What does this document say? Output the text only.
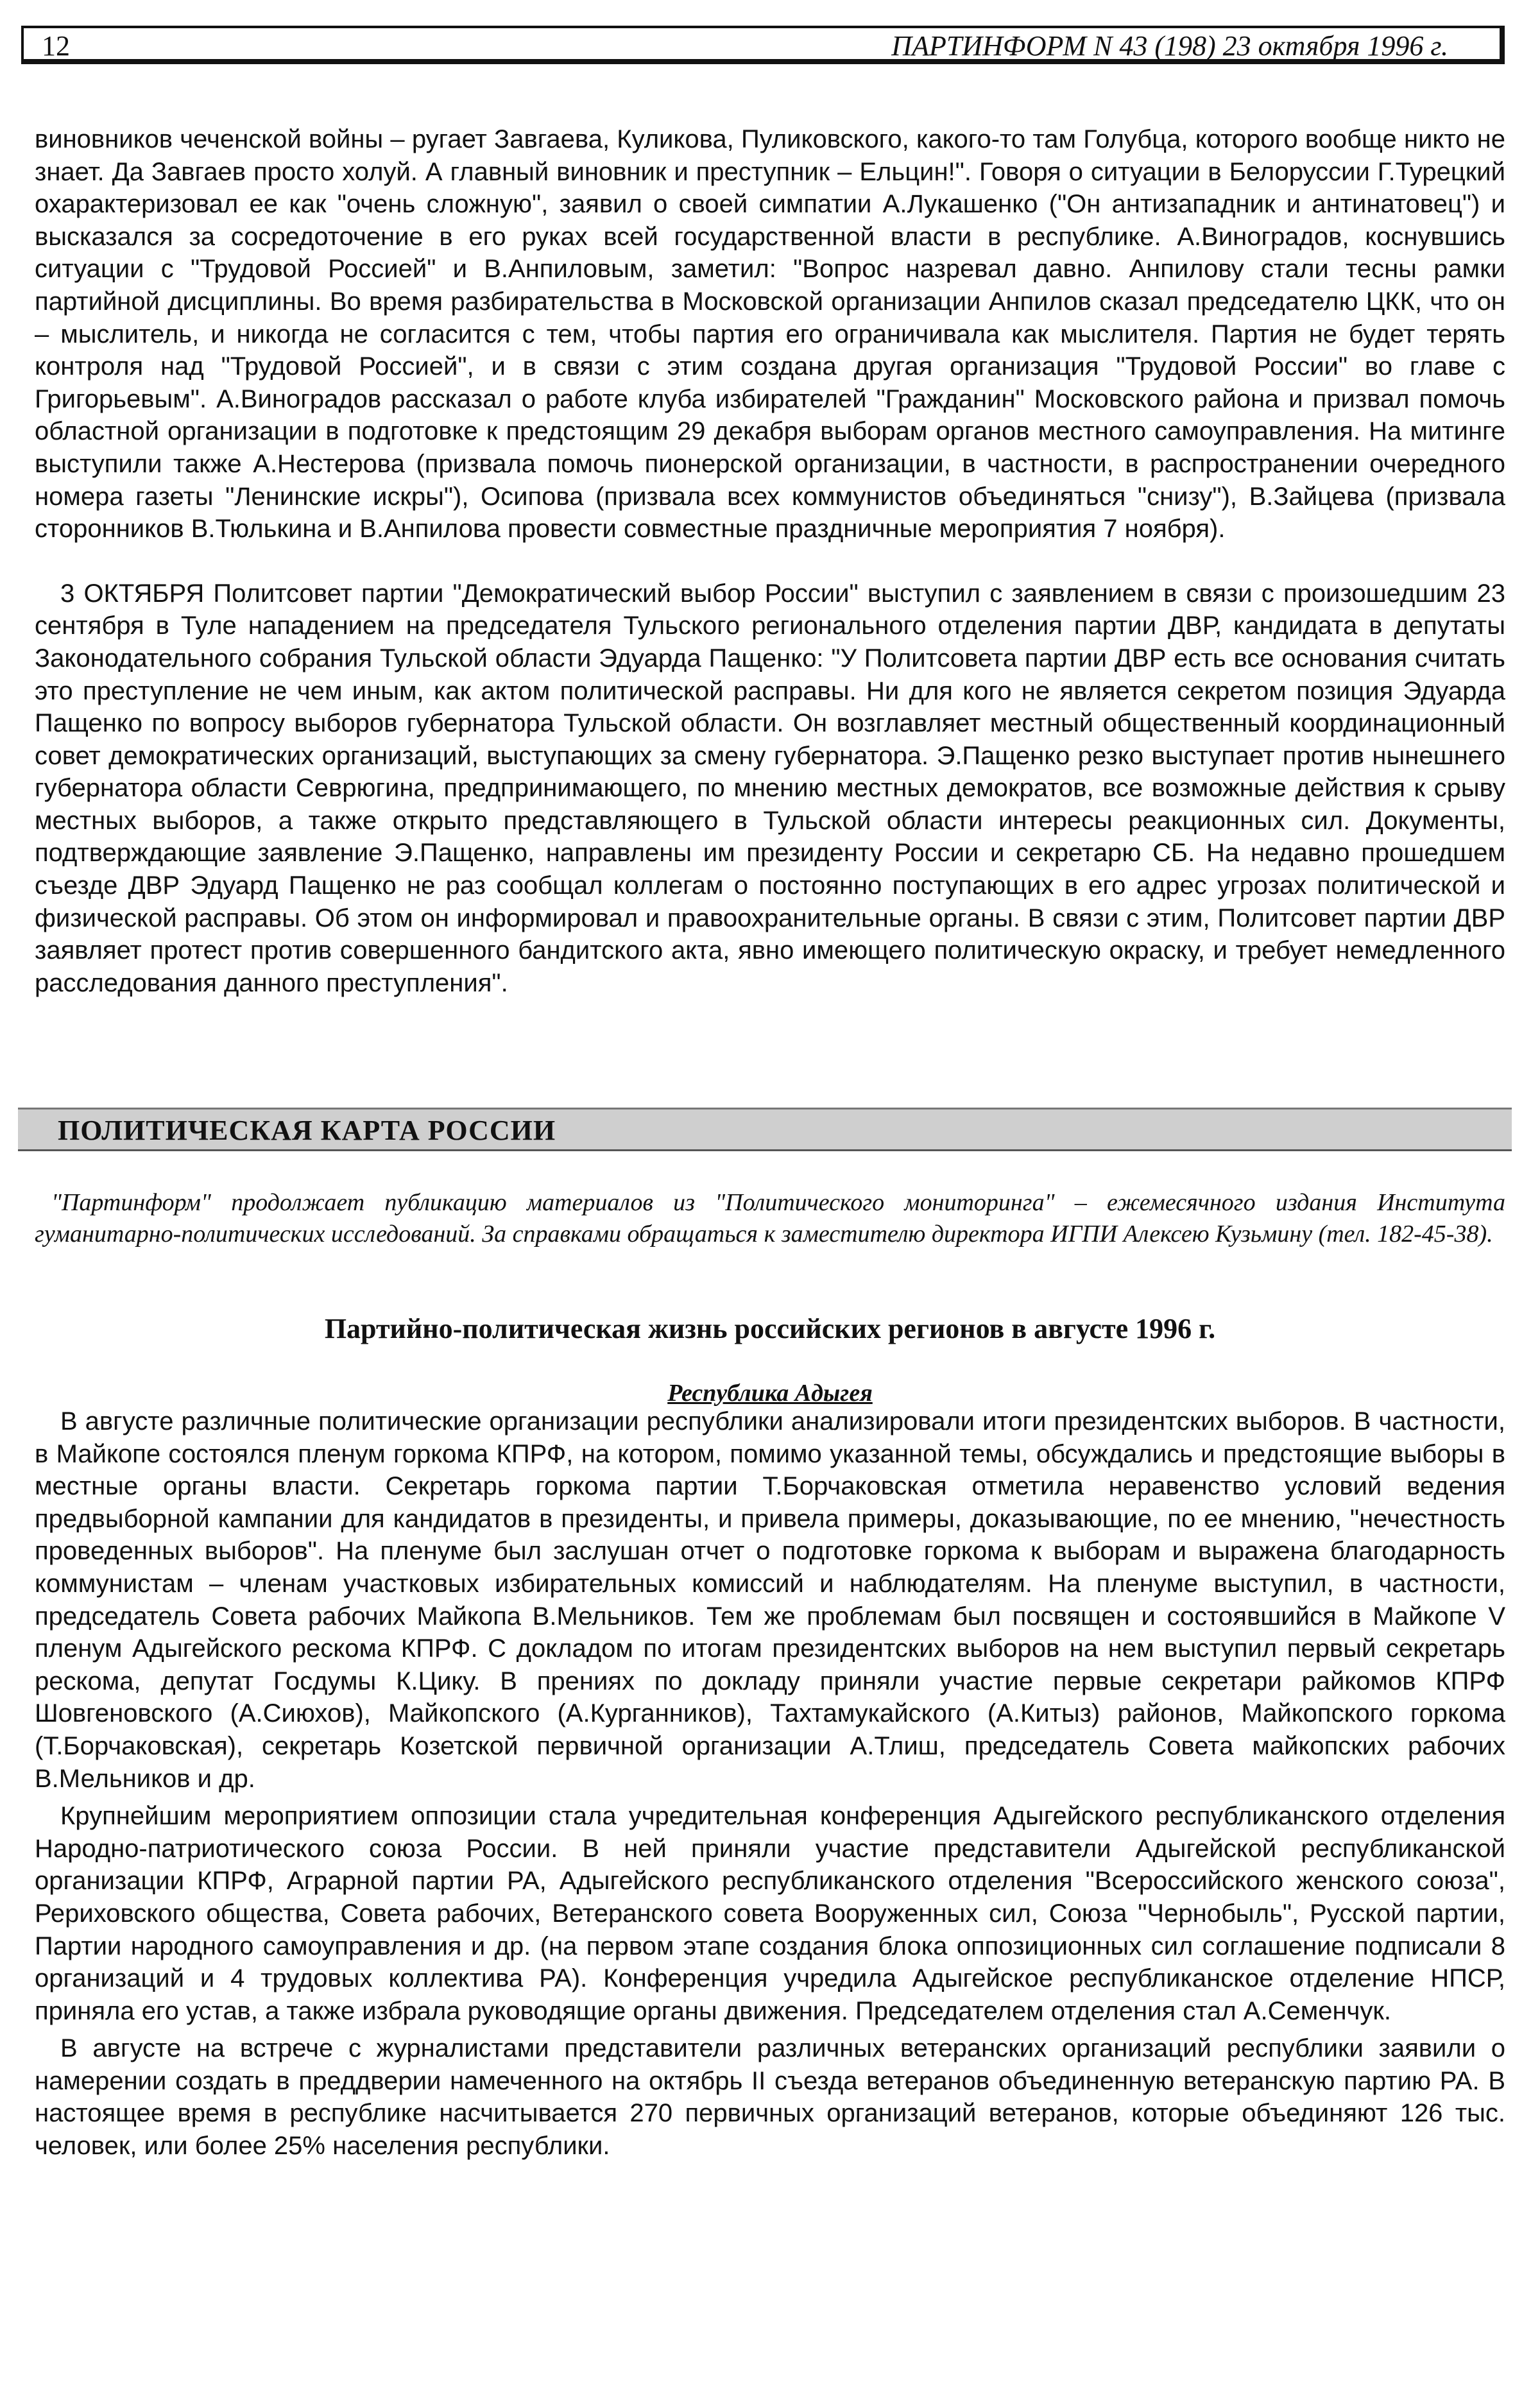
12	ПАРТИНФОРМ N 43 (198) 23 октября 1996 г.

виновников чеченской войны – ругает Завгаева, Куликова, Пуликовского, какого-то там Голубца, которого вообще никто не знает. Да Завгаев просто холуй. А главный виновник и преступник – Ельцин!". Говоря о ситуации в Белоруссии Г.Турецкий охарактеризовал ее как "очень сложную", заявил о своей симпатии А.Лукашенко ("Он антизападник и антинатовец") и высказался за сосредоточение в его руках всей государственной власти в республике. А.Виноградов, коснувшись ситуации с "Трудовой Россией" и В.Анпиловым, заметил: "Вопрос назревал давно. Анпилову стали тесны рамки партийной дисциплины. Во время разбирательства в Московской организации Анпилов сказал председателю ЦКК, что он – мыслитель, и никогда не согласится с тем, чтобы партия его ограничивала как мыслителя. Партия не будет терять контроля над "Трудовой Россией", и в связи с этим создана другая организация "Трудовой России" во главе с Григорьевым". А.Виноградов рассказал о работе клуба избирателей "Гражданин" Московского района и призвал помочь областной организации в подготовке к предстоящим 29 декабря выборам органов местного самоуправления. На митинге выступили также А.Нестерова (призвала помочь пионерской организации, в частности, в распространении очередного номера газеты "Ленинские искры"), Осипова (призвала всех коммунистов объединяться "снизу"), В.Зайцева (призвала сторонников В.Тюлькина и В.Анпилова провести совместные праздничные мероприятия 7 ноября).

3 ОКТЯБРЯ Политсовет партии "Демократический выбор России" выступил с заявлением в связи с произошедшим 23 сентября в Туле нападением на председателя Тульского регионального отделения партии ДВР, кандидата в депутаты Законодательного собрания Тульской области Эдуарда Пащенко: "У Политсовета партии ДВР есть все основания считать это преступление не чем иным, как актом политической расправы. Ни для кого не является секретом позиция Эдуарда Пащенко по вопросу выборов губернатора Тульской области. Он возглавляет местный общественный координационный совет демократических организаций, выступающих за смену губернатора. Э.Пащенко резко выступает против нынешнего губернатора области Севрюгина, предпринимающего, по мнению местных демократов, все возможные действия к срыву местных выборов, а также открыто представляющего в Тульской области интересы реакционных сил. Документы, подтверждающие заявление Э.Пащенко, направлены им президенту России и секретарю СБ. На недавно прошедшем съезде ДВР Эдуард Пащенко не раз сообщал коллегам о постоянно поступающих в его адрес угрозах политической и физической расправы. Об этом он информировал и правоохранительные органы. В связи с этим, Политсовет партии ДВР заявляет протест против совершенного бандитского акта, явно имеющего политическую окраску, и требует немедленного расследования данного преступления".

ПОЛИТИЧЕСКАЯ КАРТА РОССИИ

"Партинформ" продолжает публикацию материалов из "Политического мониторинга" – ежемесячного издания Института гуманитарно-политических исследований. За справками обращаться к заместителю директора ИГПИ Алексею Кузьмину (тел. 182-45-38).

Партийно-политическая жизнь российских регионов в августе 1996 г.
Республика Адыгея

В августе различные политические организации республики анализировали итоги президентских выборов. В частности, в Майкопе состоялся пленум горкома КПРФ, на котором, помимо указанной темы, обсуждались и предстоящие выборы в местные органы власти. Секретарь горкома партии Т.Борчаковская отметила неравенство условий ведения предвыборной кампании для кандидатов в президенты, и привела примеры, доказывающие, по ее мнению, "нечестность проведенных выборов". На пленуме был заслушан отчет о подготовке горкома к выборам и выражена благодарность коммунистам – членам участковых избирательных комиссий и наблюдателям. На пленуме выступил, в частности, председатель Совета рабочих Майкопа В.Мельников. Тем же проблемам был посвящен и состоявшийся в Майкопе V пленум Адыгейского рескома КПРФ. С докладом по итогам президентских выборов на нем выступил первый секретарь рескома, депутат Госдумы К.Цику. В прениях по докладу приняли участие первые секретари райкомов КПРФ Шовгеновского (А.Сиюхов), Майкопского (А.Курганников), Тахтамукайского (А.Китыз) районов, Майкопского горкома (Т.Борчаковская), секретарь Козетской первичной организации А.Тлиш, председатель Совета майкопских рабочих В.Мельников и др.

Крупнейшим мероприятием оппозиции стала учредительная конференция Адыгейского республиканского отделения Народно-патриотического союза России. В ней приняли участие представители Адыгейской республиканской организации КПРФ, Аграрной партии РА, Адыгейского республиканского отделения "Всероссийского женского союза", Рериховского общества, Совета рабочих, Ветеранского совета Вооруженных сил, Союза "Чернобыль", Русской партии, Партии народного самоуправления и др. (на первом этапе создания блока оппозиционных сил соглашение подписали 8 организаций и 4 трудовых коллектива РА). Конференция учредила Адыгейское республиканское отделение НПСР, приняла его устав, а также избрала руководящие органы движения. Председателем отделения стал А.Семенчук.

В августе на встрече с журналистами представители различных ветеранских организаций республики заявили о намерении создать в преддверии намеченного на октябрь II съезда ветеранов объединенную ветеранскую партию РА. В настоящее время в республике насчитывается 270 первичных организаций ветеранов, которые объединяют 126 тыс. человек, или более 25% населения республики.
